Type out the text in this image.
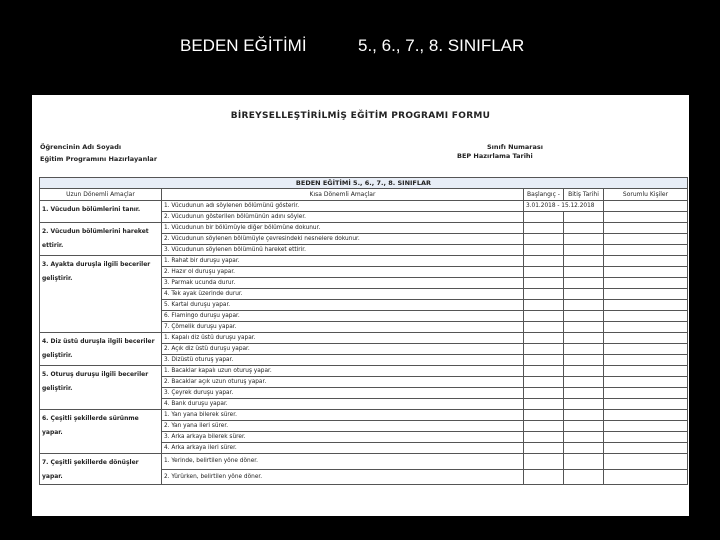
BEDEN EĞİTİMİ	5., 6., 7., 8. SINIFLAR
BİREYSELLEŞTİRİLMİŞ EĞİTİM PROGRAMI FORMU
Öğrencinin Adı Soyadı
Eğitim Programını Hazırlayanlar
Sınıfı Numarası
BEP Hazırlama Tarihi
BEDEN EĞİTİMİ 5., 6., 7., 8. SINIFLAR				
Uzun Dönemli Amaçlar	Kısa Dönemli Amaçlar	Başlangıç -	Bitiş Tarihi	Sorumlu Kişiler
1. Vücudun bölümlerini tanır.	1. Vücudunun adı söylenen bölümünü gösterir.	3.01.2018 - 15.12.2018		
	2. Vücudunun gösterilen bölümünün adını söyler.			
2. Vücudun bölümlerini hareket ettirir.	1. Vücudunun bir bölümüyle diğer bölümüne dokunur.			
	2. Vücudunun söylenen bölümüyle çevresindeki nesnelere dokunur.			
	3. Vücudunun söylenen bölümünü hareket ettirir.			
3. Ayakta duruşla ilgili beceriler geliştirir.	1. Rahat bir duruşu yapar.			
	2. Hazır ol duruşu yapar.			
	3. Parmak ucunda durur.			
	4. Tek ayak üzerinde durur.			
	5. Kartal duruşu yapar.			
	6. Flamingo duruşu yapar.			
	7. Çömelik duruşu yapar.			
4. Diz üstü duruşla ilgili beceriler geliştirir.	1. Kapalı diz üstü duruşu yapar.			
	2. Açık diz üstü duruşu yapar.			
	3. Dizüstü oturuş yapar.			
5. Oturuş duruşu ilgili beceriler geliştirir.	1. Bacaklar kapalı uzun oturuş yapar.			
	2. Bacaklar açık uzun oturuş yapar.			
	3. Çeyrek duruşu yapar.			
	4. Bank duruşu yapar.			
6. Çeşitli şekillerde sürünme yapar.	1. Yan yana bilerek sürer.			
	2. Yan yana ileri sürer.			
	3. Arka arkaya bilerek sürer.			
	4. Arka arkaya ileri sürer.			
7. Çeşitli şekillerde dönüşler yapar.	1. Yerinde, belirtilen yöne döner.			
	2. Yürürken, belirtilen yöne döner.			
